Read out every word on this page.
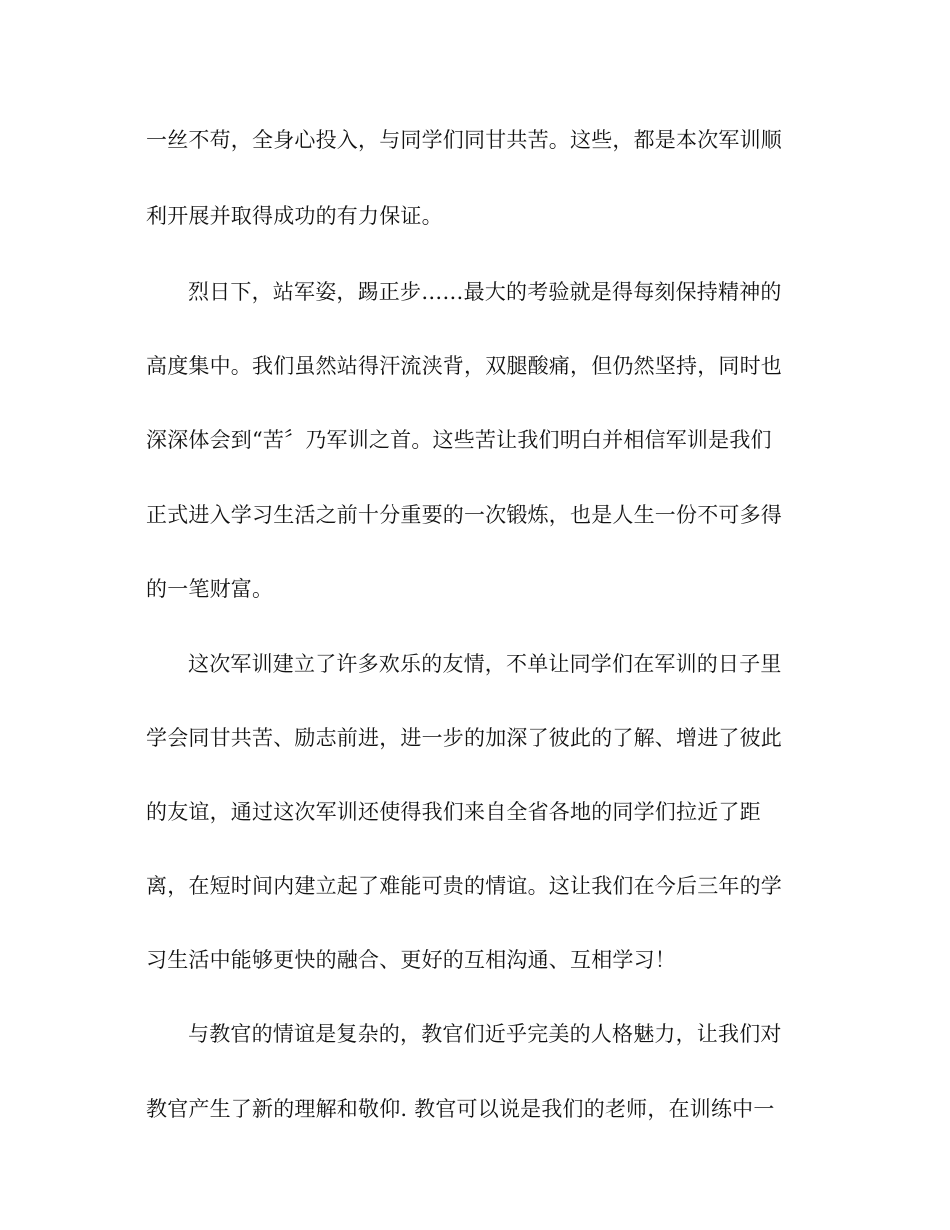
一丝不苟，全身心投入，与同学们同甘共苦。这些，都是本次军训顺
利开展并取得成功的有力保证。
烈日下，站军姿，踢正步……最大的考验就是得每刻保持精神的
高度集中。我们虽然站得汗流浃背，双腿酸痛，但仍然坚持，同时也
深深体会到“苦〞乃军训之首。这些苦让我们明白并相信军训是我们
正式进入学习生活之前十分重要的一次锻炼，也是人生一份不可多得
的一笔财富。
这次军训建立了许多欢乐的友情，不单让同学们在军训的日子里
学会同甘共苦、励志前进，进一步的加深了彼此的了解、增进了彼此
的友谊，通过这次军训还使得我们来自全省各地的同学们拉近了距
离，在短时间内建立起了难能可贵的情谊。这让我们在今后三年的学
习生活中能够更快的融合、更好的互相沟通、互相学习！
与教官的情谊是复杂的，教官们近乎完美的人格魅力，让我们对
教官产生了新的理解和敬仰. 教官可以说是我们的老师，在训练中一
